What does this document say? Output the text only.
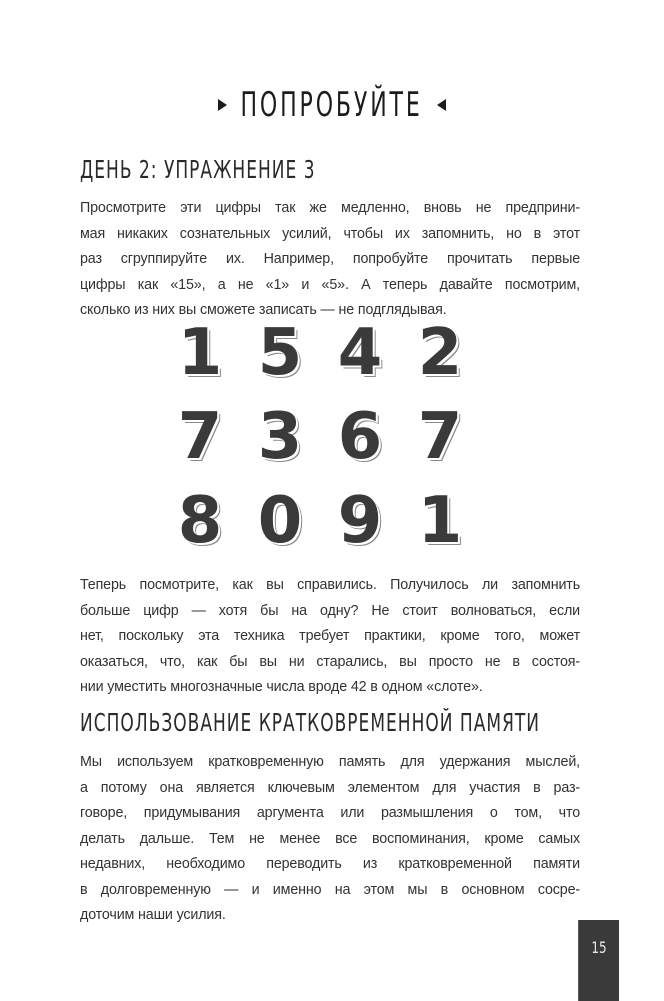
ПОПРОБУЙТЕ
ДЕНЬ 2: УПРАЖНЕНИЕ 3

Просмотрите эти цифры так же медленно, вновь не предприни-
мая никаких сознательных усилий, чтобы их запомнить, но в этот
раз сгруппируйте их. Например, попробуйте прочитать первые
цифры как «15», а не «1» и «5». А теперь давайте посмотрим,
сколько из них вы сможете записать — не подглядывая.

1 5 4 2
7 3 6 7
8 0 9 1

Теперь посмотрите, как вы справились. Получилось ли запомнить
больше цифр — хотя бы на одну? Не стоит волноваться, если
нет, поскольку эта техника требует практики, кроме того, может
оказаться, что, как бы вы ни старались, вы просто не в состоя-
нии уместить многозначные числа вроде 42 в одном «слоте».

ИСПОЛЬЗОВАНИЕ КРАТКОВРЕМЕННОЙ ПАМЯТИ

Мы используем кратковременную память для удержания мыслей,
а потому она является ключевым элементом для участия в раз-
говоре, придумывания аргумента или размышления о том, что
делать дальше. Тем не менее все воспоминания, кроме самых
недавних, необходимо переводить из кратковременной памяти
в долговременную — и именно на этом мы в основном сосре-
доточим наши усилия.

15
